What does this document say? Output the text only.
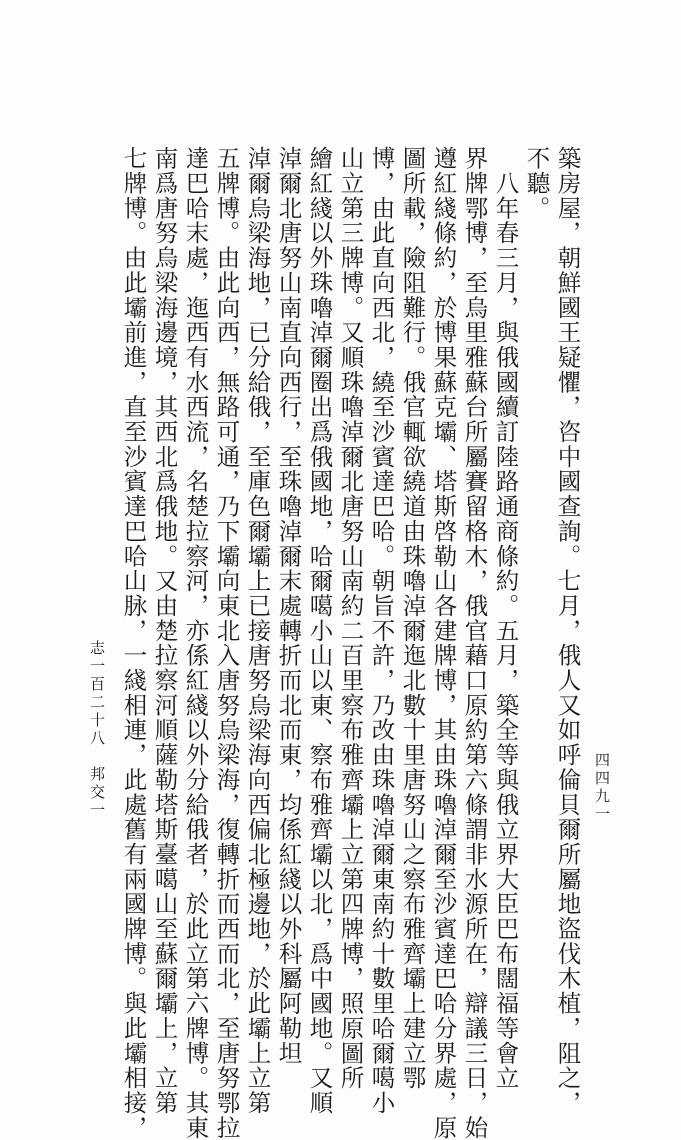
四四九一
築房屋，朝鮮國王疑懼，咨中國查詢。七月，俄人又如呼倫貝爾所屬地盜伐木植，阻之，
不聽。
　八年春三月，與俄國續訂陸路通商條約。五月，築全等與俄立界大臣巴布闊福等會立
界牌鄂博，至烏里雅蘇台所屬賽留格木，俄官藉口原約第六條謂非水源所在，辯議三日，始
遵紅綫條約，於博果蘇克壩、塔斯啓勒山各建牌博，其由珠嚕淖爾至沙賓達巴哈分界處，原
圖所載，險阻難行。俄官輒欲繞道由珠嚕淖爾迤北數十里唐努山之察布雅齊壩上建立鄂
博，由此直向西北，繞至沙賓達巴哈。朝旨不許，乃改由珠嚕淖爾東南約十數里哈爾噶小
山立第三牌博。又順珠嚕淖爾北唐努山南約二百里察布雅齊壩上立第四牌博，照原圖所
繪紅綫以外珠嚕淖爾圈出爲俄國地，哈爾噶小山以東、察布雅齊壩以北，爲中國地。又順
淖爾北唐努山南直向西行，至珠嚕淖爾末處轉折而北而東，均係紅綫以外科屬阿勒坦
淖爾烏梁海地，已分給俄，至庫色爾壩上已接唐努烏梁海向西偏北極邊地，於此壩上立第
五牌博。由此向西，無路可通，乃下壩向東北入唐努烏梁海，復轉折而西而北，至唐努鄂拉
達巴哈末處，迤西有水西流，名楚拉察河，亦係紅綫以外分給俄者，於此立第六牌博。其東
南爲唐努烏梁海邊境，其西北爲俄地。又由楚拉察河順薩勒塔斯臺噶山至蘇爾壩上，立第
七牌博。由此壩前進，直至沙賓達巴哈山脉，一綫相連，此處舊有兩國牌博。與此壩相接，
志一百二十八　邦交一
